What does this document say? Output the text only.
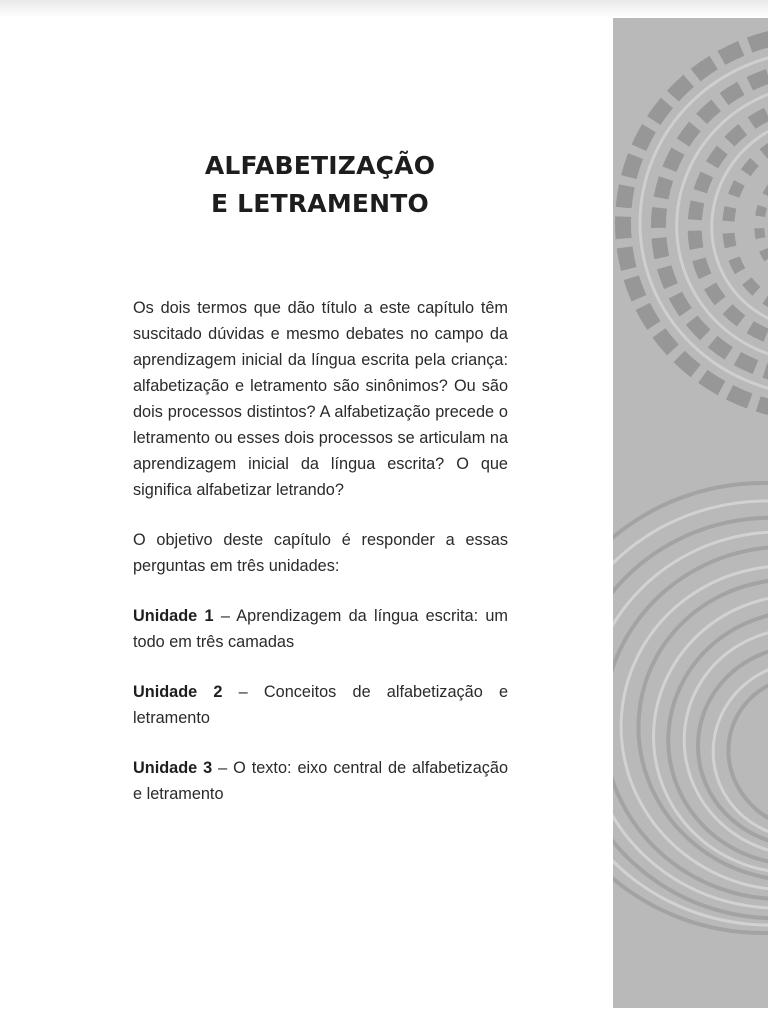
ALFABETIZAÇÃO
E LETRAMENTO

Os dois termos que dão título a este capítulo têm suscitado dúvidas e mesmo debates no campo da aprendizagem inicial da língua escrita pela criança: alfabetização e letramento são sinônimos? Ou são dois processos distintos? A alfabetização precede o letramento ou esses dois processos se articulam na aprendizagem inicial da língua escrita? O que significa alfabetizar letrando?

O objetivo deste capítulo é responder a essas perguntas em três unidades:

Unidade 1 – Aprendizagem da língua escrita: um todo em três camadas

Unidade 2 – Conceitos de alfabetização e letramento

Unidade 3 – O texto: eixo central de alfabetização e letramento
